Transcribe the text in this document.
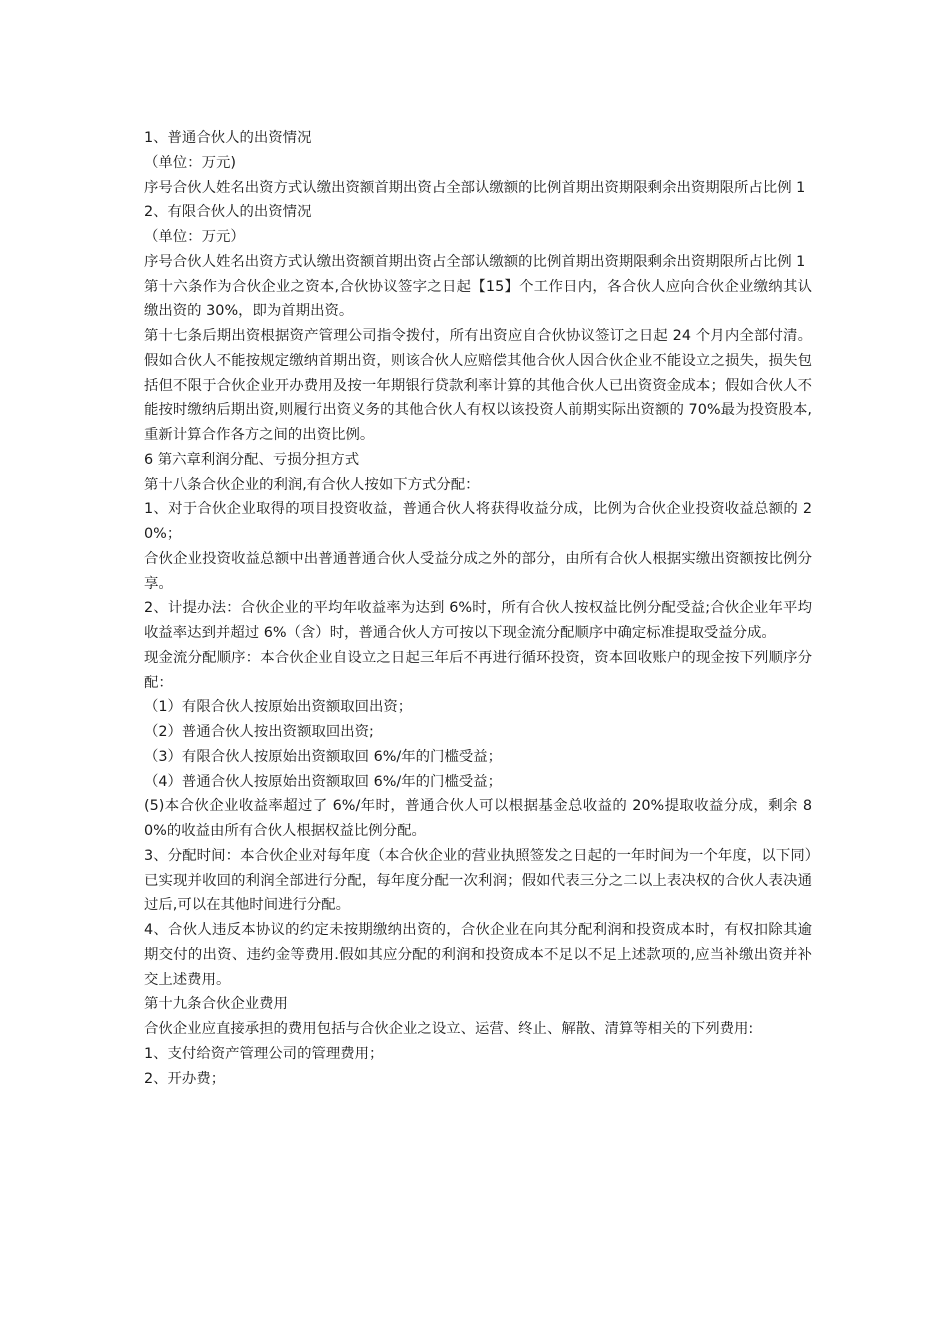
1、普通合伙人的出资情况

（单位：万元)

序号合伙人姓名出资方式认缴出资额首期出资占全部认缴额的比例首期出资期限剩余出资期限所占比例 1

2、有限合伙人的出资情况

（单位：万元）

序号合伙人姓名出资方式认缴出资额首期出资占全部认缴额的比例首期出资期限剩余出资期限所占比例 1

第十六条作为合伙企业之资本,合伙协议签字之日起【15】个工作日内，各合伙人应向合伙企业缴纳其认缴出资的 30%，即为首期出资。

第十七条后期出资根据资产管理公司指令拨付，所有出资应自合伙协议签订之日起 24 个月内全部付清。假如合伙人不能按规定缴纳首期出资，则该合伙人应赔偿其他合伙人因合伙企业不能设立之损失，损失包括但不限于合伙企业开办费用及按一年期银行贷款利率计算的其他合伙人已出资资金成本；假如合伙人不能按时缴纳后期出资,则履行出资义务的其他合伙人有权以该投资人前期实际出资额的 70%最为投资股本,重新计算合作各方之间的出资比例。

6 第六章利润分配、亏损分担方式

第十八条合伙企业的利润,有合伙人按如下方式分配：

1、对于合伙企业取得的项目投资收益，普通合伙人将获得收益分成，比例为合伙企业投资收益总额的 20%；

合伙企业投资收益总额中出普通普通合伙人受益分成之外的部分，由所有合伙人根据实缴出资额按比例分享。

2、计提办法：合伙企业的平均年收益率为达到 6%时，所有合伙人按权益比例分配受益;合伙企业年平均收益率达到并超过 6%（含）时，普通合伙人方可按以下现金流分配顺序中确定标准提取受益分成。

现金流分配顺序：本合伙企业自设立之日起三年后不再进行循环投资，资本回收账户的现金按下列顺序分配：

（1）有限合伙人按原始出资额取回出资；

（2）普通合伙人按出资额取回出资;

（3）有限合伙人按原始出资额取回 6%/年的门槛受益；

（4）普通合伙人按原始出资额取回 6%/年的门槛受益；

(5)本合伙企业收益率超过了 6%/年时，普通合伙人可以根据基金总收益的 20%提取收益分成，剩余 80%的收益由所有合伙人根据权益比例分配。

3、分配时间：本合伙企业对每年度（本合伙企业的营业执照签发之日起的一年时间为一个年度，以下同）已实现并收回的利润全部进行分配，每年度分配一次利润；假如代表三分之二以上表决权的合伙人表决通过后,可以在其他时间进行分配。

4、合伙人违反本协议的约定未按期缴纳出资的，合伙企业在向其分配利润和投资成本时，有权扣除其逾期交付的出资、违约金等费用.假如其应分配的利润和投资成本不足以不足上述款项的,应当补缴出资并补交上述费用。

第十九条合伙企业费用

合伙企业应直接承担的费用包括与合伙企业之设立、运营、终止、解散、清算等相关的下列费用:

1、支付给资产管理公司的管理费用；

2、开办费；
